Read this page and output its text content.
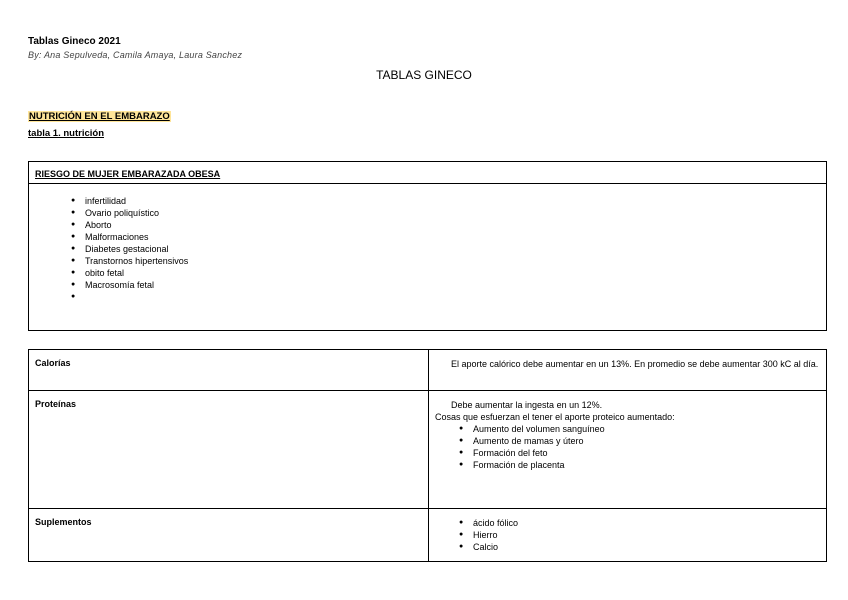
Tablas Gineco 2021
By: Ana Sepulveda, Camila Amaya, Laura Sanchez
TABLAS GINECO
NUTRICIÓN EN EL EMBARAZO
tabla 1. nutrición
RIESGO DE MUJER EMBARAZADA OBESA
● infertilidad
● Ovario poliquístico
● Aborto
● Malformaciones
● Diabetes gestacional
● Transtornos hipertensivos
● obito fetal
● Macrosomía fetal
●
Calorías	El aporte calórico debe aumentar en un 13%. En promedio se debe aumentar 300 kC al día.
Proteínas	Debe aumentar la ingesta en un 12%.
Cosas que esfuerzan el tener el aporte proteico aumentado:
● Aumento del volumen sanguíneo
● Aumento de mamas y útero
● Formación del feto
● Formación de placenta
Suplementos
●	ácido fólico
● Hierro
● Calcio
